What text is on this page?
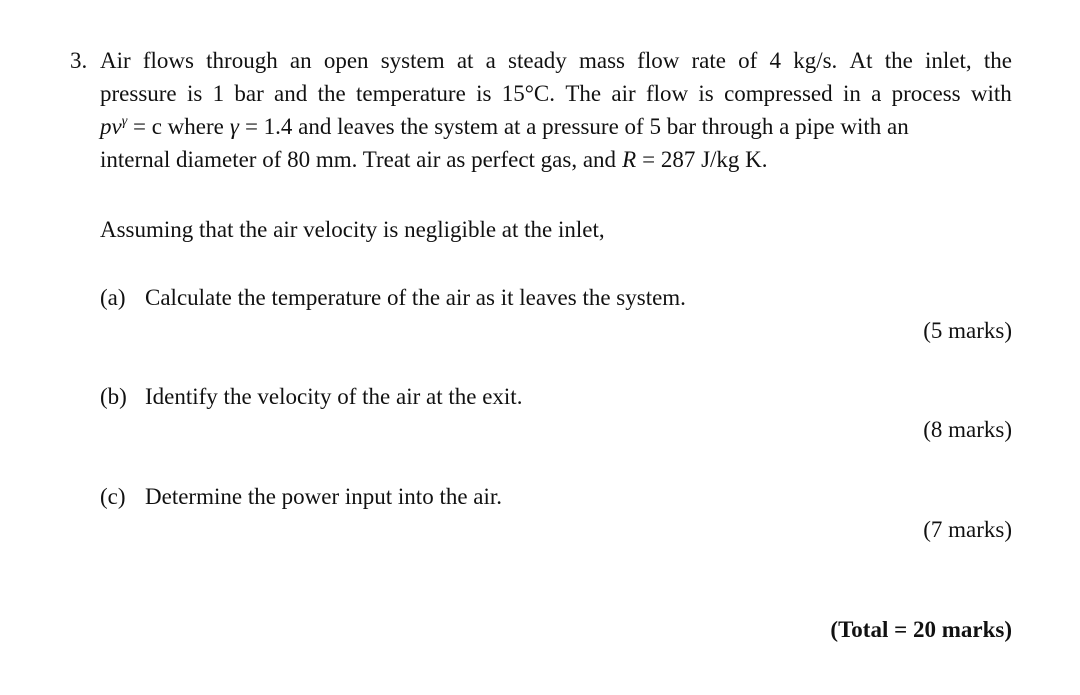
3. Air flows through an open system at a steady mass flow rate of 4 kg/s. At the inlet, the
pressure is 1 bar and the temperature is 15°C. The air flow is compressed in a process with
$pv^\gamma = c$ where γ = 1.4 and leaves the system at a pressure of 5 bar through a pipe with an
internal diameter of 80 mm. Treat air as perfect gas, and R = 287 J/kg K.
Assuming that the air velocity is negligible at the inlet,
(a) Calculate the temperature of the air as it leaves the system.
(5 marks)
(b) Identify the velocity of the air at the exit.
(8 marks)
(c) Determine the power input into the air.
(7 marks)
(Total = 20 marks)
